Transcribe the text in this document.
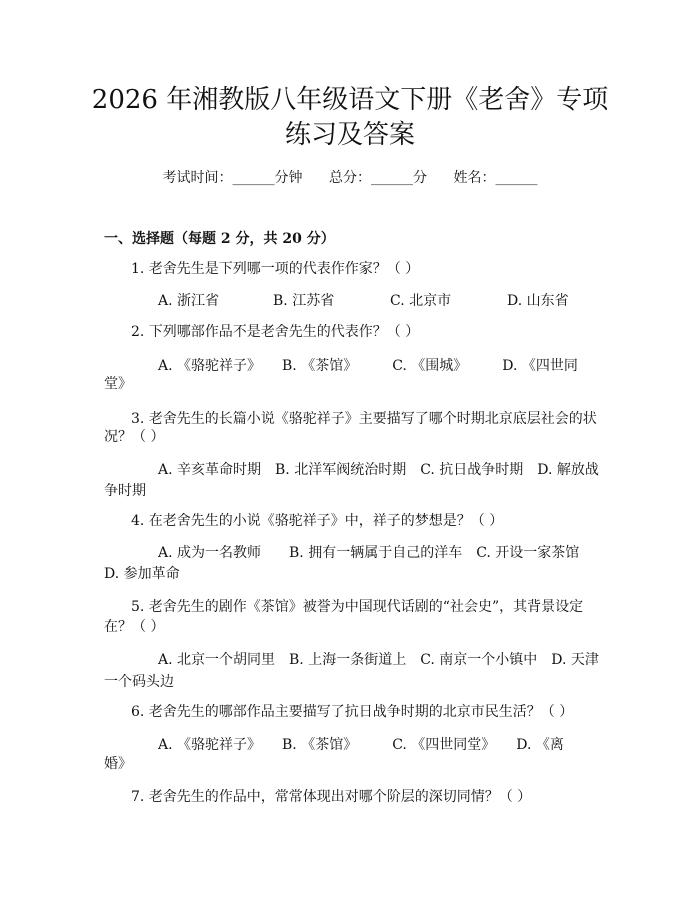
2026 年湘教版八年级语文下册《老舍》专项
练习及答案
考试时间：______分钟 总分：______分 姓名：______
一、选择题（每题 2 分，共 20 分）
1. 老舍先生是下列哪一项的代表作作家？（ ）
A. 浙江省	B. 江苏省	C. 北京市	D. 山东省
2. 下列哪部作品不是老舍先生的代表作？（ ）
A. 《骆驼祥子》　　B. 《茶馆》　　　C. 《围城》　　　D. 《四世同
堂》
3. 老舍先生的长篇小说《骆驼祥子》主要描写了哪个时期北京底层社会的状
况？（ ）
A. 辛亥革命时期　B. 北洋军阀统治时期　C. 抗日战争时期　D. 解放战
争时期
4. 在老舍先生的小说《骆驼祥子》中，祥子的梦想是？（ ）
A. 成为一名教师　　B. 拥有一辆属于自己的洋车　C. 开设一家茶馆
D. 参加革命
5. 老舍先生的剧作《茶馆》被誉为中国现代话剧的“社会史”，其背景设定
在？（ ）
A. 北京一个胡同里　B. 上海一条街道上　C. 南京一个小镇中　D. 天津
一个码头边
6. 老舍先生的哪部作品主要描写了抗日战争时期的北京市民生活？（ ）
A. 《骆驼祥子》　　B. 《茶馆》　　　C. 《四世同堂》　　D. 《离
婚》
7. 老舍先生的作品中，常常体现出对哪个阶层的深切同情？（ ）
